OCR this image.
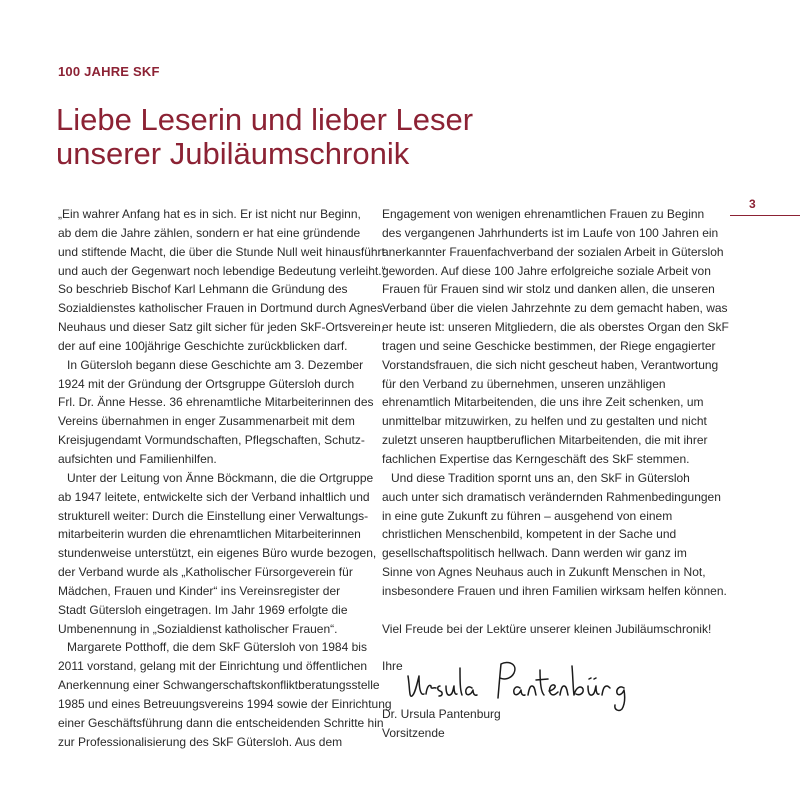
100 JAHRE SKF
Liebe Leserin und lieber Leser
unserer Jubiläumschronik
3
„Ein wahrer Anfang hat es in sich. Er ist nicht nur Beginn,
ab dem die Jahre zählen, sondern er hat eine gründende
und stiftende Macht, die über die Stunde Null weit hinausführt
und auch der Gegenwart noch lebendige Bedeutung verleiht.“
So beschrieb Bischof Karl Lehmann die Gründung des
Sozialdienstes katholischer Frauen in Dortmund durch Agnes
Neuhaus und dieser Satz gilt sicher für jeden SkF-Ortsverein,
der auf eine 100jährige Geschichte zurückblicken darf.
In Gütersloh begann diese Geschichte am 3. Dezember
1924 mit der Gründung der Ortsgruppe Gütersloh durch
Frl. Dr. Änne Hesse. 36 ehrenamtliche Mitarbeiterinnen des
Vereins übernahmen in enger Zusammenarbeit mit dem
Kreisjugendamt Vormundschaften, Pflegschaften, Schutz-
aufsichten und Familienhilfen.
Unter der Leitung von Änne Böckmann, die die Ortgruppe
ab 1947 leitete, entwickelte sich der Verband inhaltlich und
strukturell weiter: Durch die Einstellung einer Verwaltungs-
mitarbeiterin wurden die ehrenamtlichen Mitarbeiterinnen
stundenweise unterstützt, ein eigenes Büro wurde bezogen,
der Verband wurde als „Katholischer Fürsorgeverein für
Mädchen, Frauen und Kinder“ ins Vereinsregister der
Stadt Gütersloh eingetragen. Im Jahr 1969 erfolgte die
Umbenennung in „Sozialdienst katholischer Frauen“.
Margarete Potthoff, die dem SkF Gütersloh von 1984 bis
2011 vorstand, gelang mit der Einrichtung und öffentlichen
Anerkennung einer Schwangerschaftskonfliktberatungsstelle
1985 und eines Betreuungsvereins 1994 sowie der Einrichtung
einer Geschäftsführung dann die entscheidenden Schritte hin
zur Professionalisierung des SkF Gütersloh. Aus dem
Engagement von wenigen ehrenamtlichen Frauen zu Beginn
des vergangenen Jahrhunderts ist im Laufe von 100 Jahren ein
anerkannter Frauenfachverband der sozialen Arbeit in Gütersloh
geworden. Auf diese 100 Jahre erfolgreiche soziale Arbeit von
Frauen für Frauen sind wir stolz und danken allen, die unseren
Verband über die vielen Jahrzehnte zu dem gemacht haben, was
er heute ist: unseren Mitgliedern, die als oberstes Organ den SkF
tragen und seine Geschicke bestimmen, der Riege engagierter
Vorstandsfrauen, die sich nicht gescheut haben, Verantwortung
für den Verband zu übernehmen, unseren unzähligen
ehrenamtlich Mitarbeitenden, die uns ihre Zeit schenken, um
unmittelbar mitzuwirken, zu helfen und zu gestalten und nicht
zuletzt unseren hauptberuflichen Mitarbeitenden, die mit ihrer
fachlichen Expertise das Kerngeschäft des SkF stemmen.
Und diese Tradition spornt uns an, den SkF in Gütersloh
auch unter sich dramatisch verändernden Rahmenbedingungen
in eine gute Zukunft zu führen – ausgehend von einem
christlichen Menschenbild, kompetent in der Sache und
gesellschaftspolitisch hellwach. Dann werden wir ganz im
Sinne von Agnes Neuhaus auch in Zukunft Menschen in Not,
insbesondere Frauen und ihren Familien wirksam helfen können.
Viel Freude bei der Lektüre unserer kleinen Jubiläumschronik!
Ihre
Dr. Ursula Pantenburg
Vorsitzende
